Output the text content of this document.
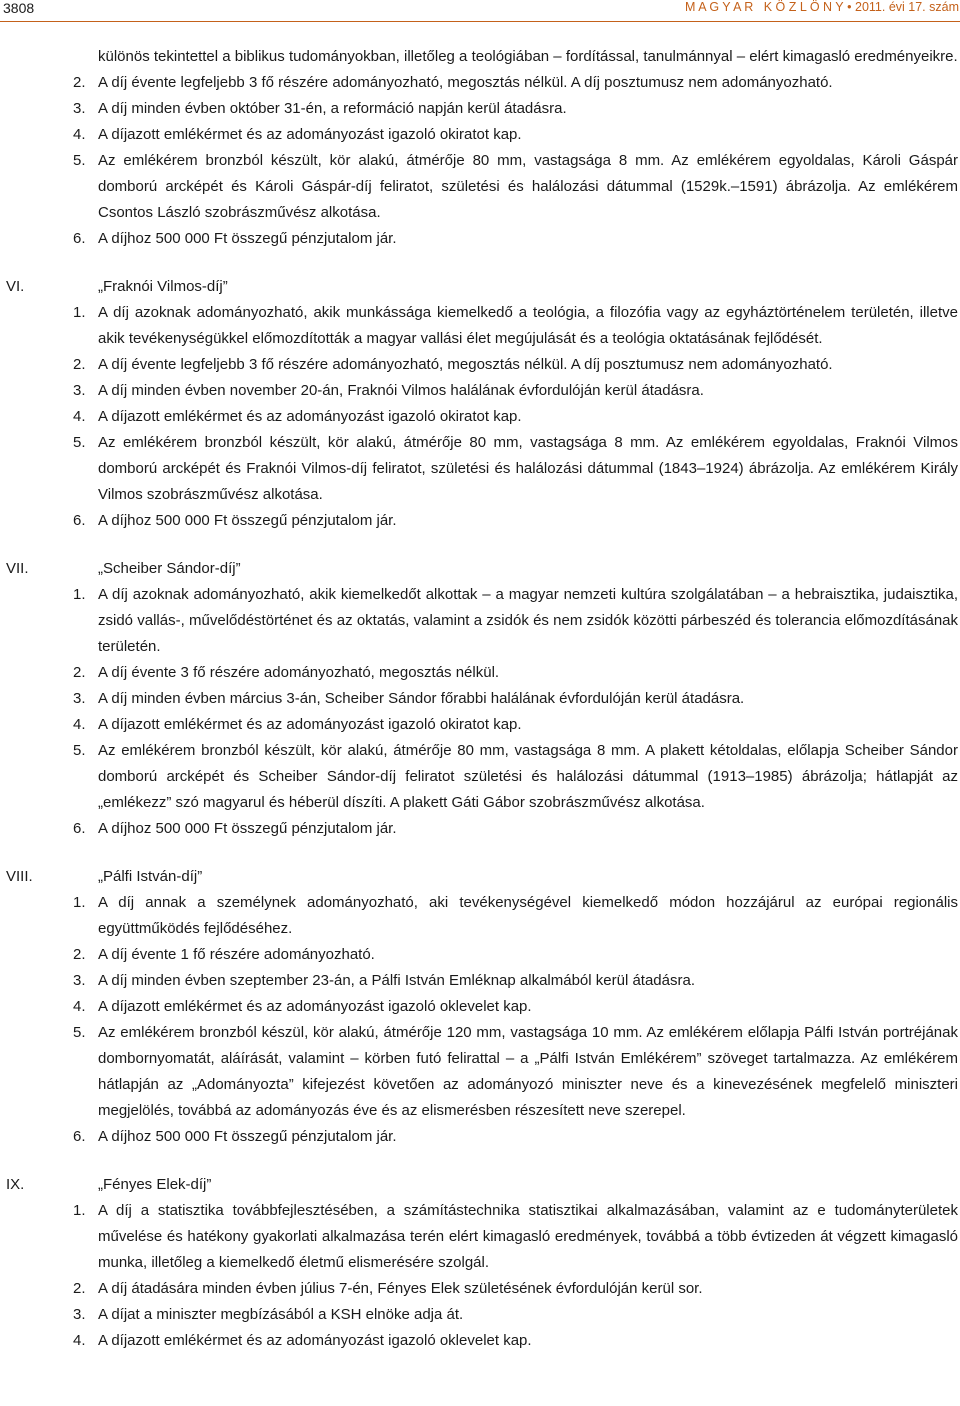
3808	M A G Y A R   K Ö Z L Ö N Y • 2011. évi 17. szám
különös tekintettel a biblikus tudományokban, illetőleg a teológiában – fordítással, tanulmánnyal – elért kimagasló eredményeikre.
2. A díj évente legfeljebb 3 fő részére adományozható, megosztás nélkül. A díj posztumusz nem adományozható.
3. A díj minden évben október 31-én, a reformáció napján kerül átadásra.
4. A díjazott emlékérmet és az adományozást igazoló okiratot kap.
5. Az emlékérem bronzból készült, kör alakú, átmérője 80 mm, vastagsága 8 mm. Az emlékérem egyoldalas, Károli Gáspár domború arcképét és Károli Gáspár-díj feliratot, születési és halálozási dátummal (1529k.–1591) ábrázolja. Az emlékérem Csontos László szobrászművész alkotása.
6. A díjhoz 500 000 Ft összegű pénzjutalom jár.
VI.	„Fraknói Vilmos-díj”
1. A díj azoknak adományozható, akik munkássága kiemelkedő a teológia, a filozófia vagy az egyháztörténelem területén, illetve akik tevékenységükkel előmozdították a magyar vallási élet megújulását és a teológia oktatásának fejlődését.
2. A díj évente legfeljebb 3 fő részére adományozható, megosztás nélkül. A díj posztumusz nem adományozható.
3. A díj minden évben november 20-án, Fraknói Vilmos halálának évfordulóján kerül átadásra.
4. A díjazott emlékérmet és az adományozást igazoló okiratot kap.
5. Az emlékérem bronzból készült, kör alakú, átmérője 80 mm, vastagsága 8 mm. Az emlékérem egyoldalas, Fraknói Vilmos domború arcképét és Fraknói Vilmos-díj feliratot, születési és halálozási dátummal (1843–1924) ábrázolja. Az emlékérem Király Vilmos szobrászművész alkotása.
6. A díjhoz 500 000 Ft összegű pénzjutalom jár.
VII.	„Scheiber Sándor-díj”
1. A díj azoknak adományozható, akik kiemelkedőt alkottak – a magyar nemzeti kultúra szolgálatában – a hebraisztika, judaisztika, zsidó vallás-, művelődéstörténet és az oktatás, valamint a zsidók és nem zsidók közötti párbeszéd és tolerancia előmozdításának területén.
2. A díj évente 3 fő részére adományozható, megosztás nélkül.
3. A díj minden évben március 3-án, Scheiber Sándor főrabbi halálának évfordulóján kerül átadásra.
4. A díjazott emlékérmet és az adományozást igazoló okiratot kap.
5. Az emlékérem bronzból készült, kör alakú, átmérője 80 mm, vastagsága 8 mm. A plakett kétoldalas, előlapja Scheiber Sándor domború arcképét és Scheiber Sándor-díj feliratot születési és halálozási dátummal (1913–1985) ábrázolja; hátlapját az „emlékezz” szó magyarul és héberül díszíti. A plakett Gáti Gábor szobrászművész alkotása.
6. A díjhoz 500 000 Ft összegű pénzjutalom jár.
VIII.	„Pálfi István-díj”
1. A díj annak a személynek adományozható, aki tevékenységével kiemelkedő módon hozzájárul az európai regionális együttműködés fejlődéséhez.
2. A díj évente 1 fő részére adományozható.
3. A díj minden évben szeptember 23-án, a Pálfi István Emléknap alkalmából kerül átadásra.
4. A díjazott emlékérmet és az adományozást igazoló oklevelet kap.
5. Az emlékérem bronzból készül, kör alakú, átmérője 120 mm, vastagsága 10 mm. Az emlékérem előlapja Pálfi István portréjának dombornyomatát, aláírását, valamint – körben futó felirattal – a „Pálfi István Emlékérem” szöveget tartalmazza. Az emlékérem hátlapján az „Adományozta” kifejezést követően az adományozó miniszter neve és a kinevezésének megfelelő miniszteri megjelölés, továbbá az adományozás éve és az elismerésben részesített neve szerepel.
6. A díjhoz 500 000 Ft összegű pénzjutalom jár.
IX.	„Fényes Elek-díj”
1. A díj a statisztika továbbfejlesztésében, a számítástechnika statisztikai alkalmazásában, valamint az e tudományterületek művelése és hatékony gyakorlati alkalmazása terén elért kimagasló eredmények, továbbá a több évtizeden át végzett kimagasló munka, illetőleg a kiemelkedő életmű elismerésére szolgál.
2. A díj átadására minden évben július 7-én, Fényes Elek születésének évfordulóján kerül sor.
3. A díjat a miniszter megbízásából a KSH elnöke adja át.
4. A díjazott emlékérmet és az adományozást igazoló oklevelet kap.
